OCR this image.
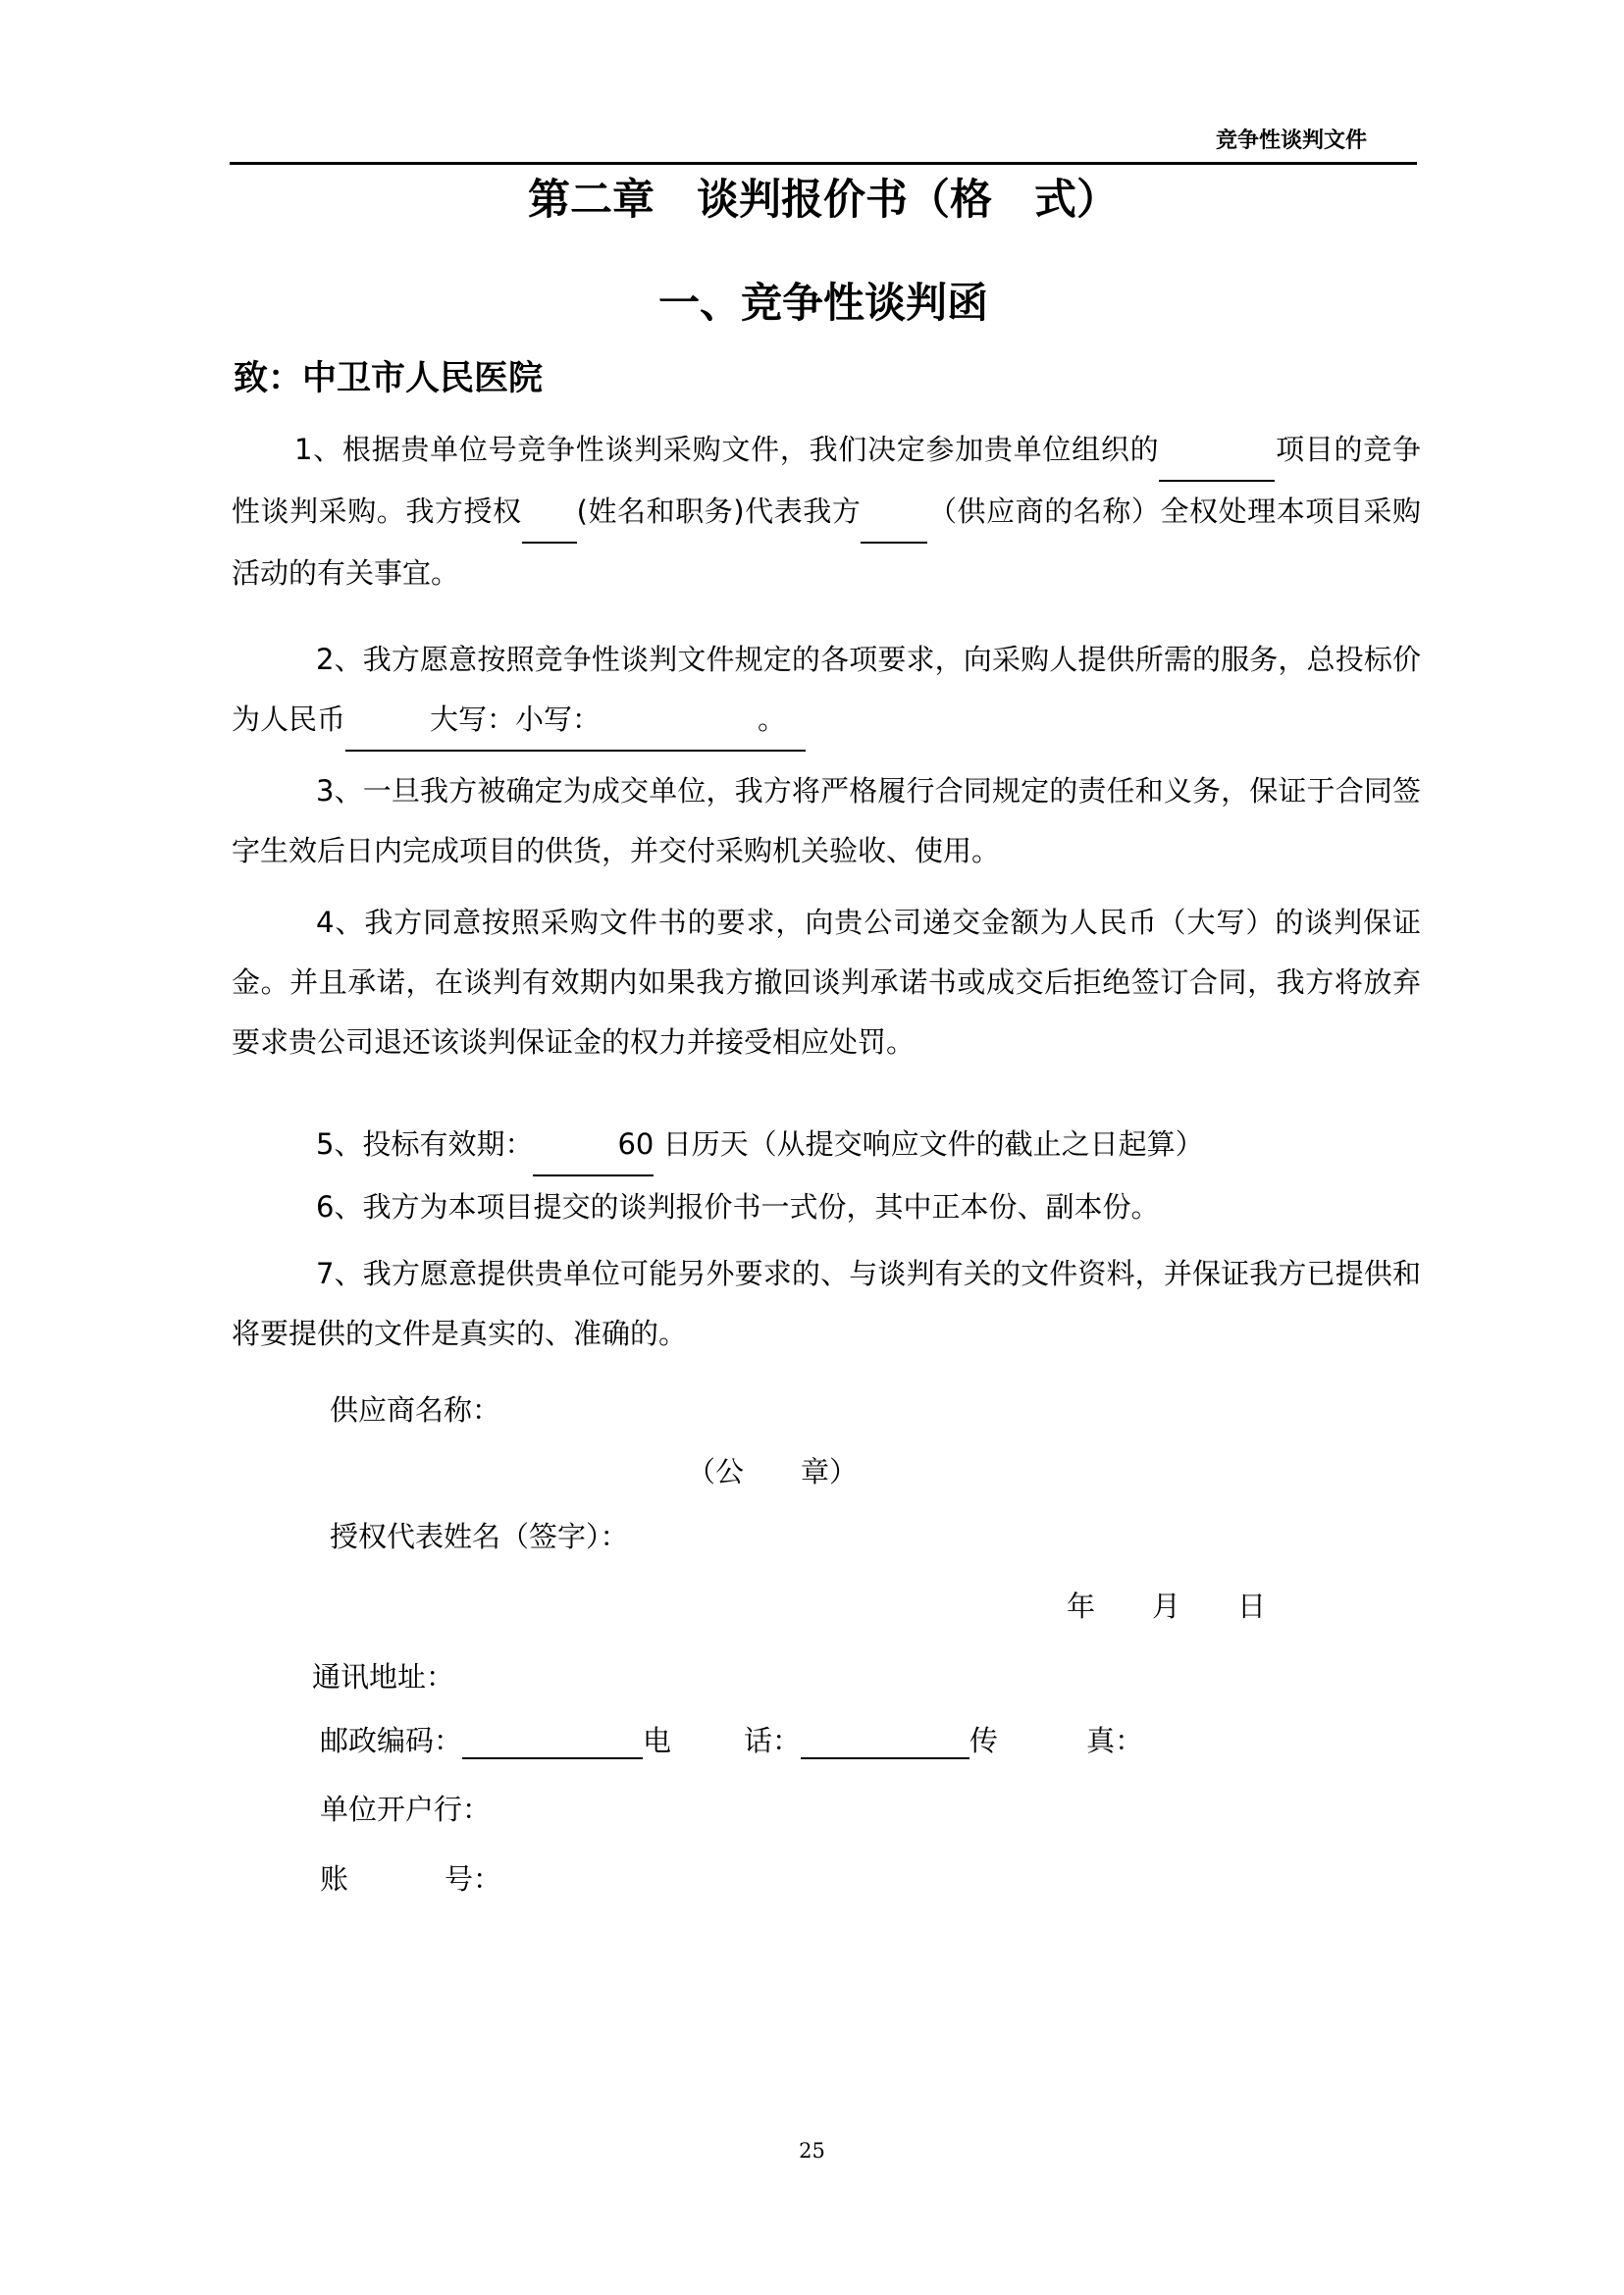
竞争性谈判文件
第二章　谈判报价书（格　式）
一、竞争性谈判函
致：中卫市人民医院
1、根据贵单位号竞争性谈判采购文件，我们决定参加贵单位组织的	项目的竞争性谈判采购。我方授权 (姓名和职务)代表我方 （供应商的名称）全权处理本项目采购活动的有关事宜。
2、我方愿意按照竞争性谈判文件规定的各项要求，向采购人提供所需的服务，总投标价为人民币	大写：小写：	。
3、一旦我方被确定为成交单位，我方将严格履行合同规定的责任和义务，保证于合同签字生效后日内完成项目的供货，并交付采购机关验收、使用。
4、我方同意按照采购文件书的要求，向贵公司递交金额为人民币（大写）的谈判保证金。并且承诺，在谈判有效期内如果我方撤回谈判承诺书或成交后拒绝签订合同，我方将放弃要求贵公司退还该谈判保证金的权力并接受相应处罚。
5、投标有效期：	60 日历天（从提交响应文件的截止之日起算）
6、我方为本项目提交的谈判报价书一式份，其中正本份、副本份。
7、我方愿意提供贵单位可能另外要求的、与谈判有关的文件资料，并保证我方已提供和将要提供的文件是真实的、准确的。
供应商名称：
（公　　章）
授权代表姓名（签字）：
年　　月　　日
通讯地址：
邮政编码：	电	话：	传	真：
单位开户行：
账	号：
25
